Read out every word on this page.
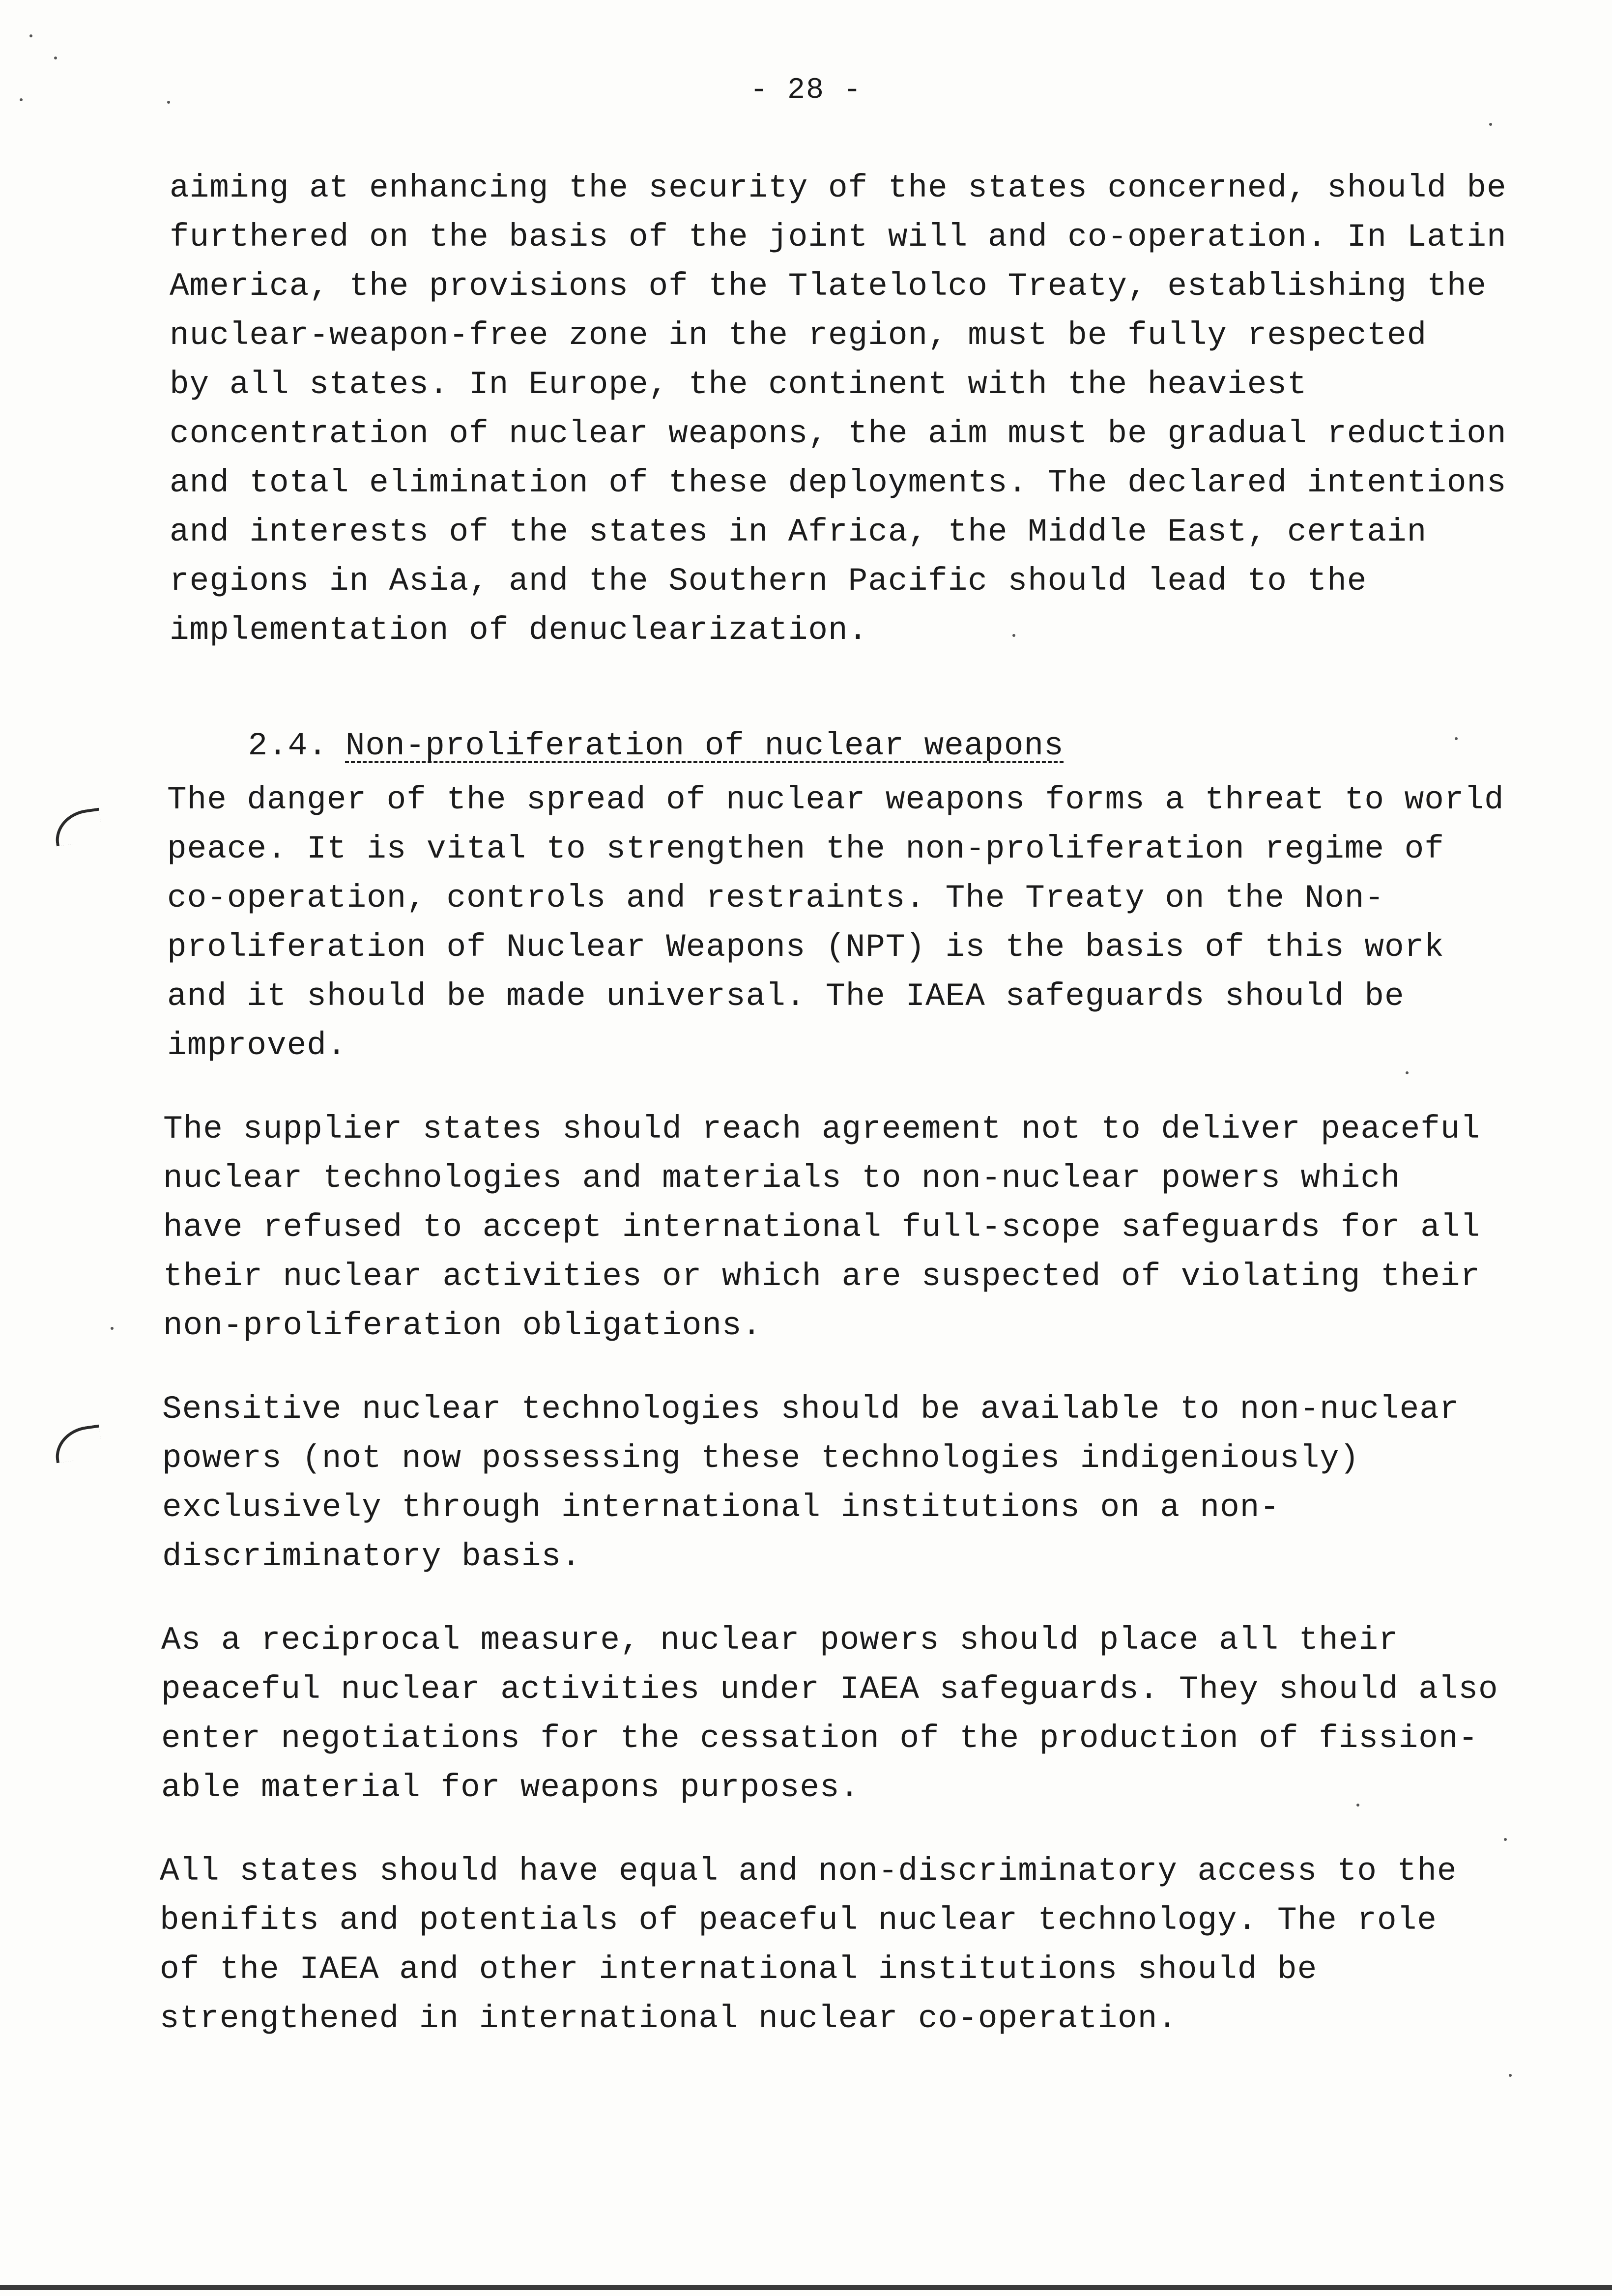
- 28 -
aiming at enhancing the security of the states concerned, should be
furthered on the basis of the joint will and co-operation. In Latin
America, the provisions of the Tlatelolco Treaty, establishing the
nuclear-weapon-free zone in the region, must be fully respected
by all states. In Europe, the continent with the heaviest
concentration of nuclear weapons, the aim must be gradual reduction
and total elimination of these deployments. The declared intentions
and interests of the states in Africa, the Middle East, certain
regions in Asia, and the Southern Pacific should lead to the
implementation of denuclearization.

2.4. Non-proliferation of nuclear weapons

The danger of the spread of nuclear weapons forms a threat to world
peace. It is vital to strengthen the non-proliferation regime of
co-operation, controls and restraints. The Treaty on the Non-
proliferation of Nuclear Weapons (NPT) is the basis of this work
and it should be made universal. The IAEA safeguards should be
improved.
The supplier states should reach agreement not to deliver peaceful
nuclear technologies and materials to non-nuclear powers which
have refused to accept international full-scope safeguards for all
their nuclear activities or which are suspected of violating their
non-proliferation obligations.
Sensitive nuclear technologies should be available to non-nuclear
powers (not now possessing these technologies indigeniously)
exclusively through international institutions on a non-
discriminatory basis.
As a reciprocal measure, nuclear powers should place all their
peaceful nuclear activities under IAEA safeguards. They should also
enter negotiations for the cessation of the production of fission-
able material for weapons purposes.
All states should have equal and non-discriminatory access to the
benifits and potentials of peaceful nuclear technology. The role
of the IAEA and other international institutions should be
strengthened in international nuclear co-operation.
